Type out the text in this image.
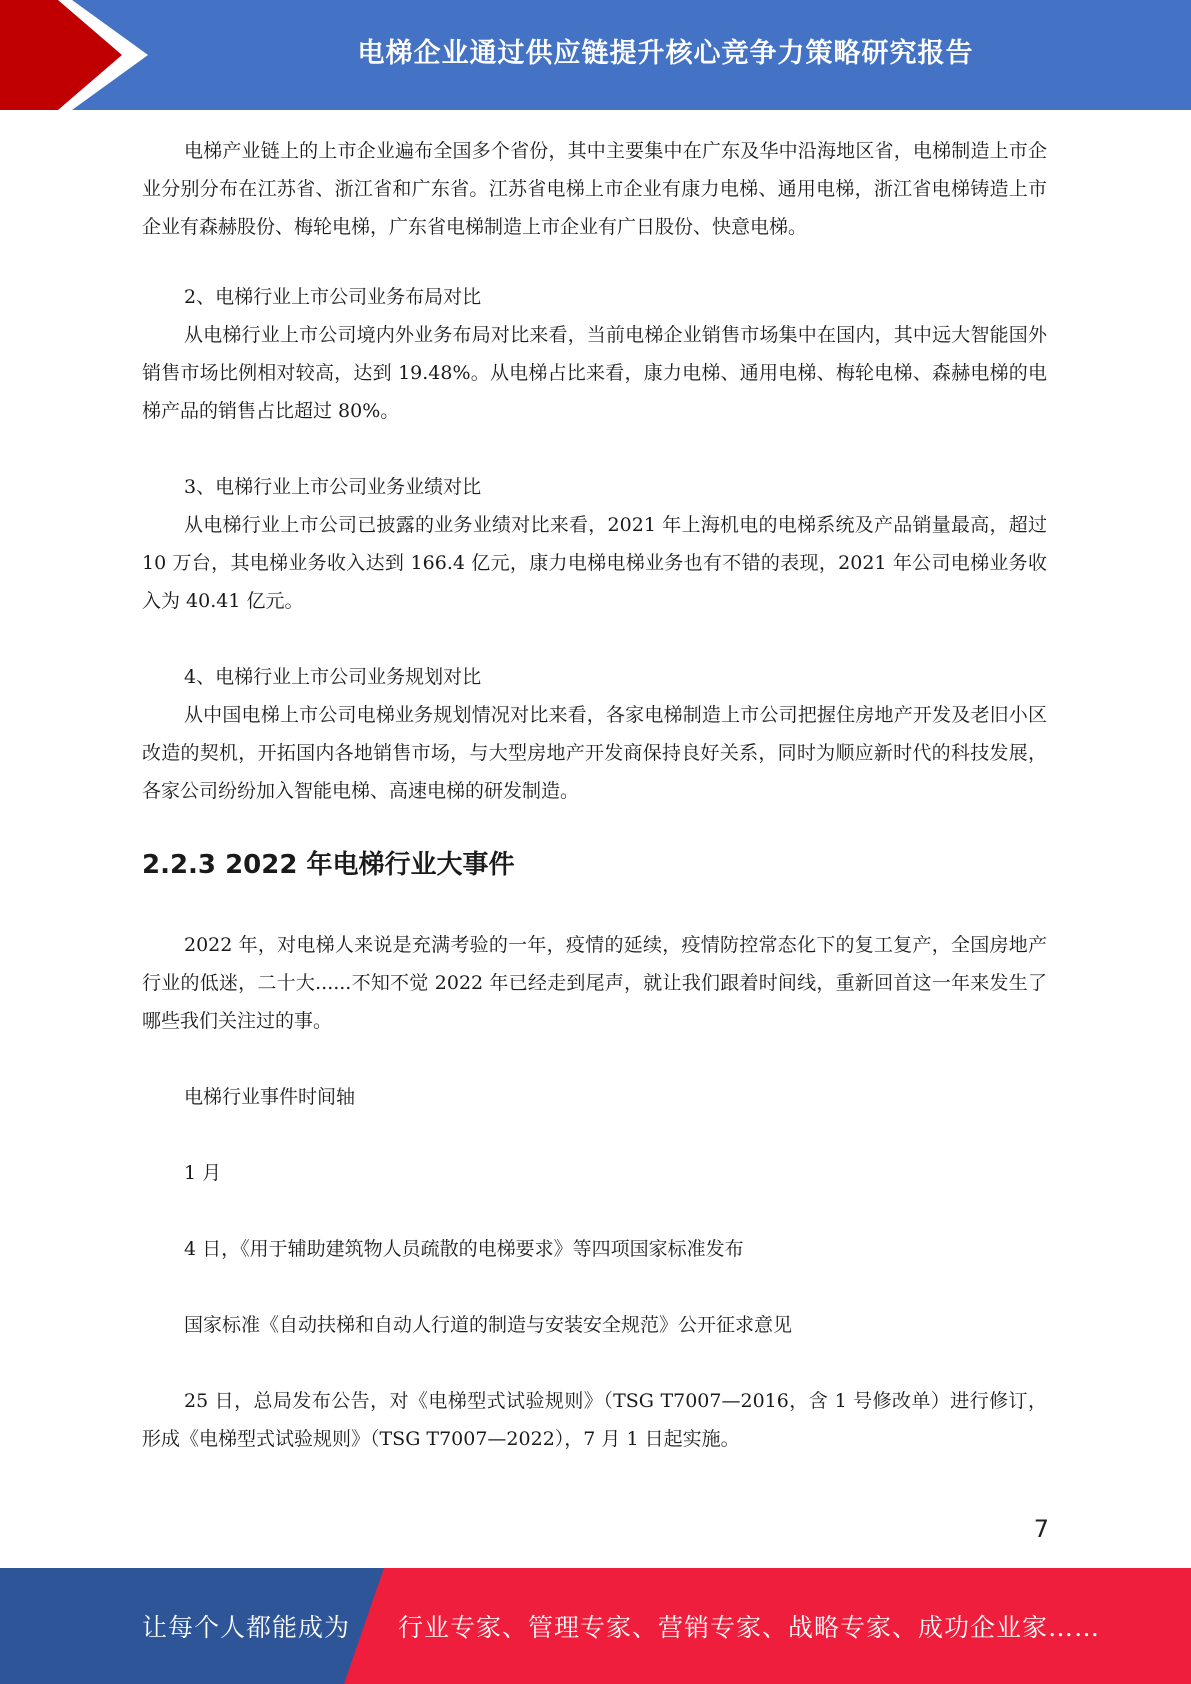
电梯企业通过供应链提升核心竞争力策略研究报告

电梯产业链上的上市企业遍布全国多个省份，其中主要集中在广东及华中沿海地区省，电梯制造上市企业分别分布在江苏省、浙江省和广东省。江苏省电梯上市企业有康力电梯、通用电梯，浙江省电梯铸造上市企业有森赫股份、梅轮电梯，广东省电梯制造上市企业有广日股份、快意电梯。

2、电梯行业上市公司业务布局对比

从电梯行业上市公司境内外业务布局对比来看，当前电梯企业销售市场集中在国内，其中远大智能国外销售市场比例相对较高，达到 19.48%。从电梯占比来看，康力电梯、通用电梯、梅轮电梯、森赫电梯的电梯产品的销售占比超过 80%。

3、电梯行业上市公司业务业绩对比

从电梯行业上市公司已披露的业务业绩对比来看，2021 年上海机电的电梯系统及产品销量最高，超过 10 万台，其电梯业务收入达到 166.4 亿元，康力电梯电梯业务也有不错的表现，2021 年公司电梯业务收入为 40.41 亿元。

4、电梯行业上市公司业务规划对比

从中国电梯上市公司电梯业务规划情况对比来看，各家电梯制造上市公司把握住房地产开发及老旧小区改造的契机，开拓国内各地销售市场，与大型房地产开发商保持良好关系，同时为顺应新时代的科技发展，各家公司纷纷加入智能电梯、高速电梯的研发制造。

2.2.3 2022 年电梯行业大事件

2022 年，对电梯人来说是充满考验的一年，疫情的延续，疫情防控常态化下的复工复产，全国房地产行业的低迷，二十大......不知不觉 2022 年已经走到尾声，就让我们跟着时间线，重新回首这一年来发生了哪些我们关注过的事。

电梯行业事件时间轴

1 月

4 日，《用于辅助建筑物人员疏散的电梯要求》等四项国家标准发布

国家标准《自动扶梯和自动人行道的制造与安装安全规范》公开征求意见

25 日，总局发布公告，对《电梯型式试验规则》（TSG T7007—2016，含 1 号修改单）进行修订，形成《电梯型式试验规则》（TSG T7007—2022），7 月 1 日起实施。

7
让每个人都能成为 行业专家、管理专家、营销专家、战略专家、成功企业家……
